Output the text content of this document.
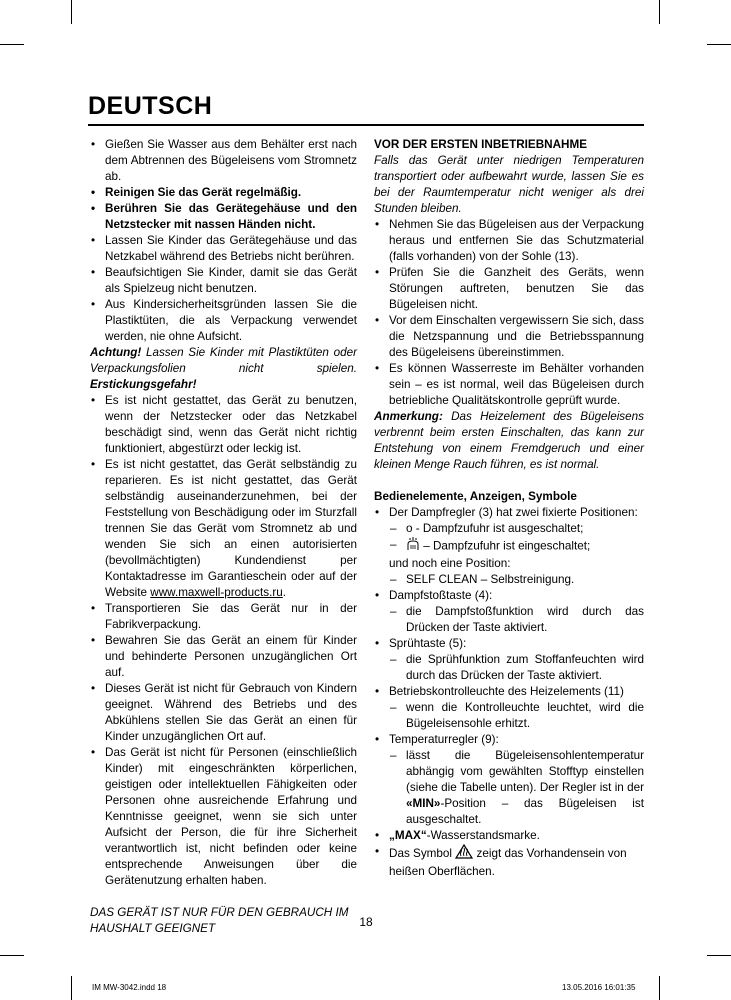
DEUTSCH
• Gießen Sie Wasser aus dem Behälter erst nach dem Abtrennen des Bügeleisens vom Stromnetz ab.
• Reinigen Sie das Gerät regelmäßig.
• Berühren Sie das Gerätegehäuse und den Netzstecker mit nassen Händen nicht.
• Lassen Sie Kinder das Gerätegehäuse und das Netzkabel während des Betriebs nicht berühren.
• Beaufsichtigen Sie Kinder, damit sie das Gerät als Spielzeug nicht benutzen.
• Aus Kindersicherheitsgründen lassen Sie die Plastiktüten, die als Verpackung verwendet werden, nie ohne Aufsicht.
Achtung! Lassen Sie Kinder mit Plastiktüten oder Verpackungsfolien nicht spielen. Erstickungsgefahr!
• Es ist nicht gestattet, das Gerät zu benutzen, wenn der Netzstecker oder das Netzkabel beschädigt sind, wenn das Gerät nicht richtig funktioniert, abgestürzt oder leckig ist.
• Es ist nicht gestattet, das Gerät selbständig zu reparieren. Es ist nicht gestattet, das Gerät selbständig auseinanderzunehmen, bei der Feststellung von Beschädigung oder im Sturzfall trennen Sie das Gerät vom Stromnetz ab und wenden Sie sich an einen autorisierten (bevollmächtigten) Kundendienst per Kontaktadresse im Garantieschein oder auf der Website www.maxwell-products.ru.
• Transportieren Sie das Gerät nur in der Fabrikverpackung.
• Bewahren Sie das Gerät an einem für Kinder und behinderte Personen unzugänglichen Ort auf.
• Dieses Gerät ist nicht für Gebrauch von Kindern geeignet. Während des Betriebs und des Abkühlens stellen Sie das Gerät an einen für Kinder unzugänglichen Ort auf.
• Das Gerät ist nicht für Personen (einschließlich Kinder) mit eingeschränkten körperlichen, geistigen oder intellektuellen Fähigkeiten oder Personen ohne ausreichende Erfahrung und Kenntnisse geeignet, wenn sie sich unter Aufsicht der Person, die für ihre Sicherheit verantwortlich ist, nicht befinden oder keine entsprechende Anweisungen über die Gerätenutzung erhalten haben.
DAS GERÄT IST NUR FÜR DEN GEBRAUCH IM HAUSHALT GEEIGNET
VOR DER ERSTEN INBETRIEBNAHME
Falls das Gerät unter niedrigen Temperaturen transportiert oder aufbewahrt wurde, lassen Sie es bei der Raumtemperatur nicht weniger als drei Stunden bleiben.
• Nehmen Sie das Bügeleisen aus der Verpackung heraus und entfernen Sie das Schutzmaterial (falls vorhanden) von der Sohle (13).
• Prüfen Sie die Ganzheit des Geräts, wenn Störungen auftreten, benutzen Sie das Bügeleisen nicht.
• Vor dem Einschalten vergewissern Sie sich, dass die Netzspannung und die Betriebsspannung des Bügeleisens übereinstimmen.
• Es können Wasserreste im Behälter vorhanden sein – es ist normal, weil das Bügeleisen durch betriebliche Qualitätskontrolle geprüft wurde.
Anmerkung: Das Heizelement des Bügeleisens verbrennt beim ersten Einschalten, das kann zur Entstehung von einem Fremdgeruch und einer kleinen Menge Rauch führen, es ist normal.
Bedienelemente, Anzeigen, Symbole
• Der Dampfregler (3) hat zwei fixierte Positionen:
– o - Dampfzufuhr ist ausgeschaltet;
– – Dampfzufuhr ist eingeschaltet;
und noch eine Position:
– SELF CLEAN – Selbstreinigung.
• Dampfstoßtaste (4):
– die Dampfstoßfunktion wird durch das Drücken der Taste aktiviert.
• Sprühtaste (5):
– die Sprühfunktion zum Stoffanfeuchten wird durch das Drücken der Taste aktiviert.
• Betriebskontrolleuchte des Heizelements (11)
– wenn die Kontrolleuchte leuchtet, wird die Bügeleisensohle erhitzt.
• Temperaturregler (9):
– lässt die Bügeleisensohlentemperatur abhängig vom gewählten Stofftyp einstellen (siehe die Tabelle unten). Der Regler ist in der «MIN»-Position – das Bügeleisen ist ausgeschaltet.
• „MAX“-Wasserstandsmarke.
• Das Symbol  zeigt das Vorhandensein von heißen Oberflächen.
18
IM MW-3042.indd 18	13.05.2016 16:01:35
